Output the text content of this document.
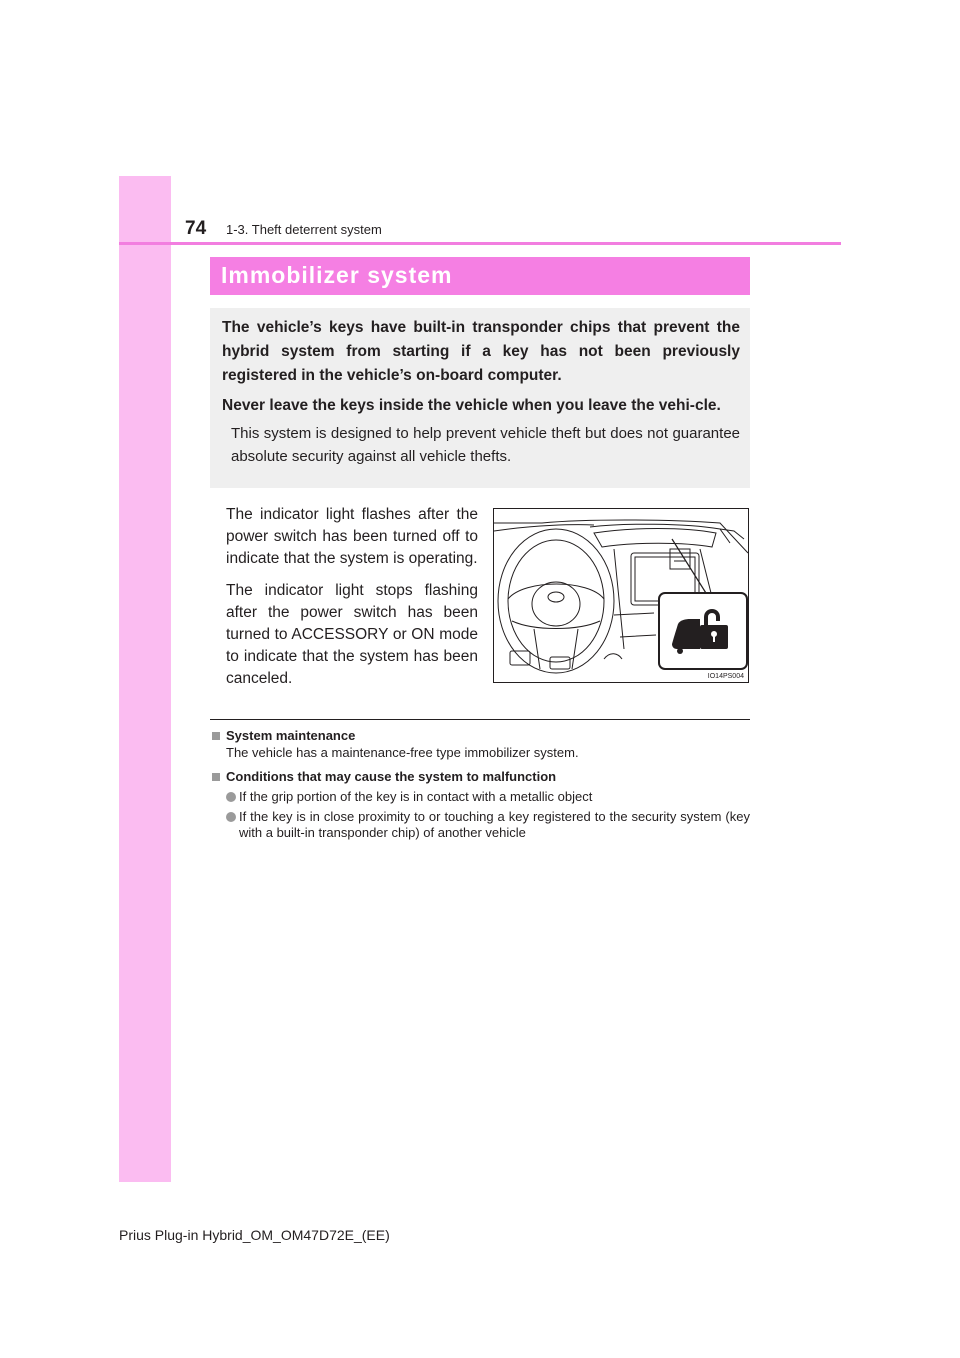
74 1-3. Theft deterrent system
Immobilizer system

The vehicle’s keys have built-in transponder chips that prevent the hybrid system from starting if a key has not been previously registered in the vehicle’s on-board computer.

Never leave the keys inside the vehicle when you leave the vehi-cle.

This system is designed to help prevent vehicle theft but does not guarantee absolute security against all vehicle thefts.

The indicator light flashes after the power switch has been turned off to indicate that the system is operating.

The indicator light stops flashing after the power switch has been turned to ACCESSORY or ON mode to indicate that the system has been canceled.	IO14PS004
System maintenance
The vehicle has a maintenance-free type immobilizer system.
Conditions that may cause the system to malfunction
If the grip portion of the key is in contact with a metallic object
If the key is in close proximity to or touching a key registered to the security system (key with a built-in transponder chip) of another vehicle
Prius Plug-in Hybrid_OM_OM47D72E_(EE)
